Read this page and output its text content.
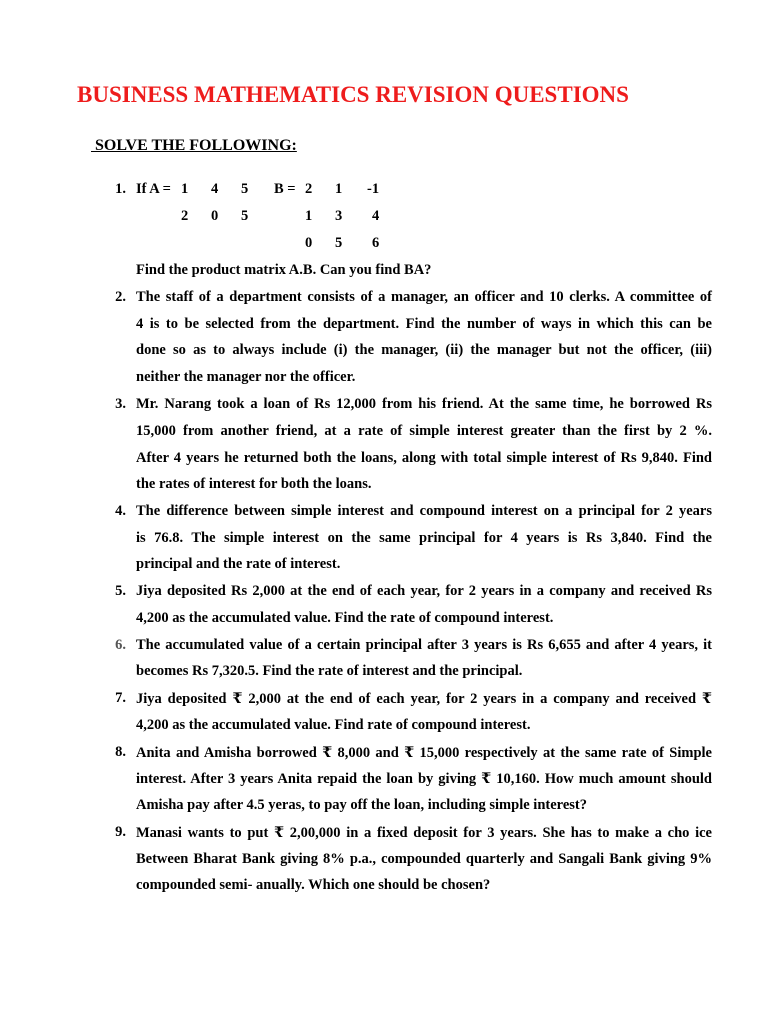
BUSINESS MATHEMATICS REVISION QUESTIONS
SOLVE THE FOLLOWING:
1. If A = 1 4 5
2 0 5
B = 2 1 -1
1 3 4
0 5 6
Find the product matrix A.B. Can you find BA?
2. The staff of a department consists of a manager, an officer and 10 clerks. A committee of
4 is to be selected from the department. Find the number of ways in which this can be
done so as to always include (i) the manager, (ii) the manager but not the officer, (iii)
neither the manager nor the officer.
3. Mr. Narang took a loan of Rs 12,000 from his friend. At the same time, he borrowed Rs
15,000 from another friend, at a rate of simple interest greater than the first by 2 %.
After 4 years he returned both the loans, along with total simple interest of Rs 9,840. Find
the rates of interest for both the loans.
4. The difference between simple interest and compound interest on a principal for 2 years
is 76.8. The simple interest on the same principal for 4 years is Rs 3,840. Find the
principal and the rate of interest.
5. Jiya deposited Rs 2,000 at the end of each year, for 2 years in a company and received Rs
4,200 as the accumulated value. Find the rate of compound interest.
6. The accumulated value of a certain principal after 3 years is Rs 6,655 and after 4 years, it
becomes Rs 7,320.5. Find the rate of interest and the principal.
7. Jiya deposited ₹ 2,000 at the end of each year, for 2 years in a company and received ₹
4,200 as the accumulated value. Find rate of compound interest.
8. Anita and Amisha borrowed ₹ 8,000 and ₹ 15,000 respectively at the same rate of Simple
interest. After 3 years Anita repaid the loan by giving ₹ 10,160. How much amount should
Amisha pay after 4.5 yeras, to pay off the loan, including simple interest?
9. Manasi wants to put ₹ 2,00,000 in a fixed deposit for 3 years. She has to make a cho ice
Between Bharat Bank giving 8% p.a., compounded quarterly and Sangali Bank giving 9%
compounded semi- anually. Which one should be chosen?
